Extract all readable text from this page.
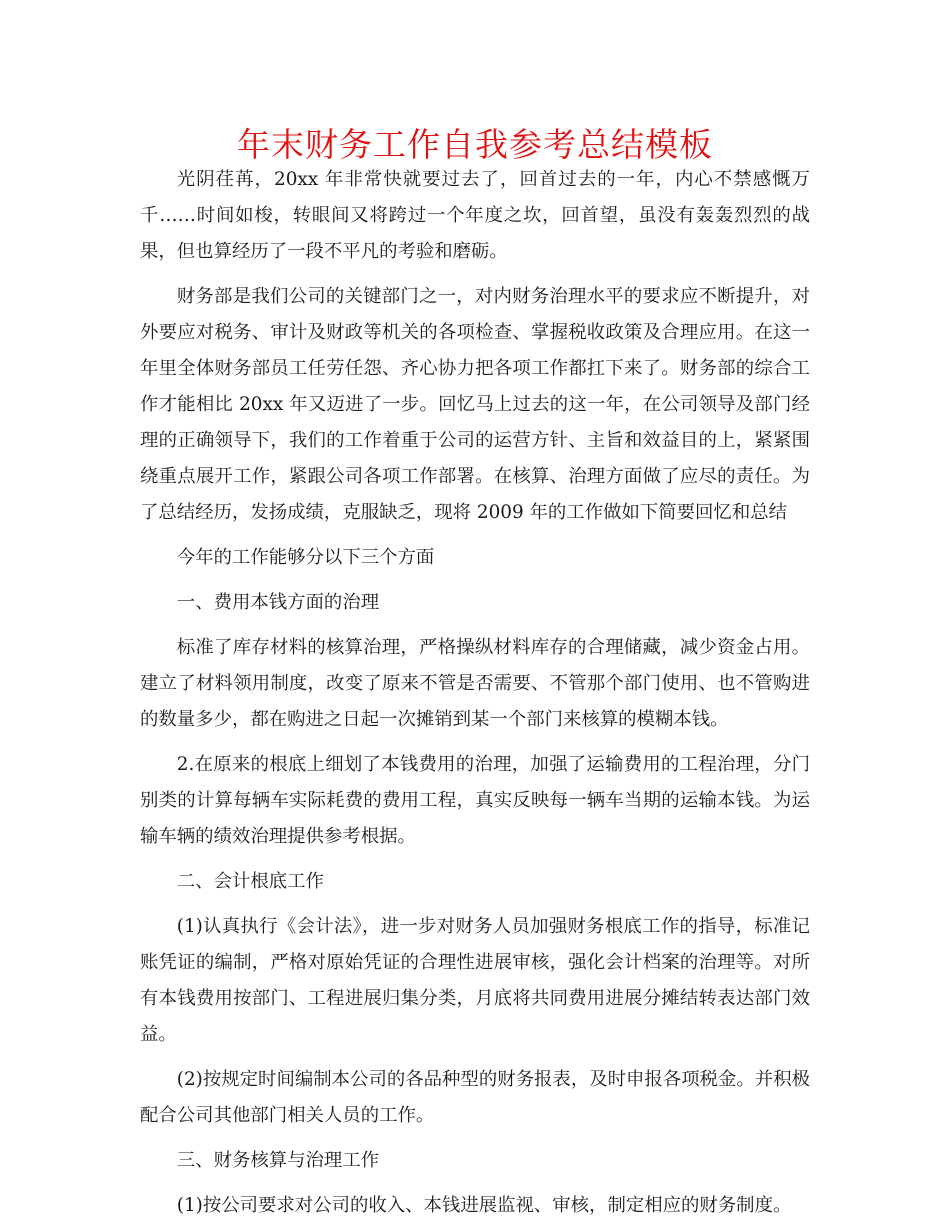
年末财务工作自我参考总结模板

光阴荏苒，20xx 年非常快就要过去了，回首过去的一年，内心不禁感慨万千……时间如梭，转眼间又将跨过一个年度之坎，回首望，虽没有轰轰烈烈的战果，但也算经历了一段不平凡的考验和磨砺。

财务部是我们公司的关键部门之一，对内财务治理水平的要求应不断提升，对外要应对税务、审计及财政等机关的各项检查、掌握税收政策及合理应用。在这一年里全体财务部员工任劳任怨、齐心协力把各项工作都扛下来了。财务部的综合工作才能相比 20xx 年又迈进了一步。回忆马上过去的这一年，在公司领导及部门经理的正确领导下，我们的工作着重于公司的运营方针、主旨和效益目的上，紧紧围绕重点展开工作，紧跟公司各项工作部署。在核算、治理方面做了应尽的责任。为了总结经历，发扬成绩，克服缺乏，现将 2009 年的工作做如下简要回忆和总结

今年的工作能够分以下三个方面

一、费用本钱方面的治理

标准了库存材料的核算治理，严格操纵材料库存的合理储藏，减少资金占用。建立了材料领用制度，改变了原来不管是否需要、不管那个部门使用、也不管购进的数量多少，都在购进之日起一次摊销到某一个部门来核算的模糊本钱。

2.在原来的根底上细划了本钱费用的治理，加强了运输费用的工程治理，分门别类的计算每辆车实际耗费的费用工程，真实反映每一辆车当期的运输本钱。为运输车辆的绩效治理提供参考根据。

二、会计根底工作

(1)认真执行《会计法》，进一步对财务人员加强财务根底工作的指导，标准记账凭证的编制，严格对原始凭证的合理性进展审核，强化会计档案的治理等。对所有本钱费用按部门、工程进展归集分类，月底将共同费用进展分摊结转表达部门效益。

(2)按规定时间编制本公司的各品种型的财务报表，及时申报各项税金。并积极配合公司其他部门相关人员的工作。

三、财务核算与治理工作

(1)按公司要求对公司的收入、本钱进展监视、审核，制定相应的财务制度。
